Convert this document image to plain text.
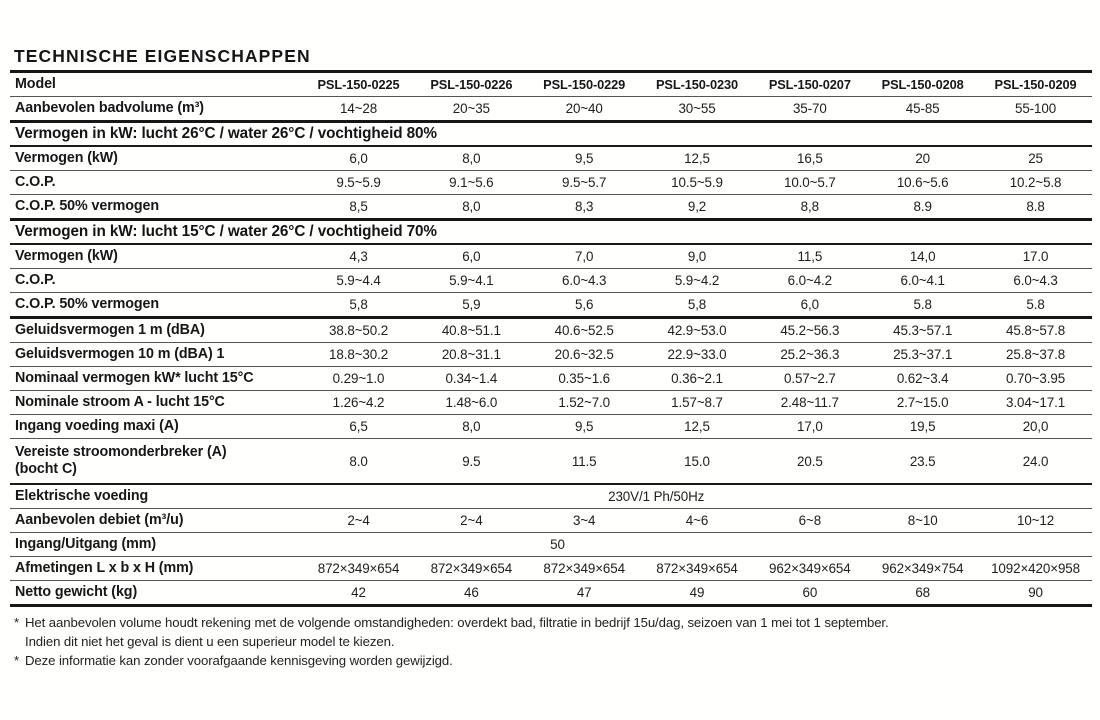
TECHNISCHE EIGENSCHAPPEN
Model	PSL-150-0225	PSL-150-0226	PSL-150-0229	PSL-150-0230	PSL-150-0207	PSL-150-0208	PSL-150-0209
Aanbevolen badvolume (m³)	14~28	20~35	20~40	30~55	35-70	45-85	55-100
Vermogen in kW: lucht 26°C / water 26°C / vochtigheid 80%							
Vermogen (kW)	6,0	8,0	9,5	12,5	16,5	20	25
C.O.P.	9.5~5.9	9.1~5.6	9.5~5.7	10.5~5.9	10.0~5.7	10.6~5.6	10.2~5.8
C.O.P. 50% vermogen	8,5	8,0	8,3	9,2	8,8	8.9	8.8
Vermogen in kW: lucht 15°C / water 26°C / vochtigheid 70%							
Vermogen (kW)	4,3	6,0	7,0	9,0	11,5	14,0	17.0
C.O.P.	5.9~4.4	5.9~4.1	6.0~4.3	5.9~4.2	6.0~4.2	6.0~4.1	6.0~4.3
C.O.P. 50% vermogen	5,8	5,9	5,6	5,8	6,0	5.8	5.8
Geluidsvermogen 1 m (dBA)	38.8~50.2	40.8~51.1	40.6~52.5	42.9~53.0	45.2~56.3	45.3~57.1	45.8~57.8
Geluidsvermogen 10 m (dBA) 1	18.8~30.2	20.8~31.1	20.6~32.5	22.9~33.0	25.2~36.3	25.3~37.1	25.8~37.8
Nominaal vermogen kW* lucht 15°C	0.29~1.0	0.34~1.4	0.35~1.6	0.36~2.1	0.57~2.7	0.62~3.4	0.70~3.95
Nominale stroom A - lucht 15°C	1.26~4.2	1.48~6.0	1.52~7.0	1.57~8.7	2.48~11.7	2.7~15.0	3.04~17.1
Ingang voeding maxi (A)	6,5	8,0	9,5	12,5	17,0	19,5	20,0
Vereiste stroomonderbreker (A)
(bocht C)	8.0	9.5	11.5	15.0	20.5	23.5	24.0
Elektrische voeding	230V/1 Ph/50Hz						
Aanbevolen debiet (m³/u)	2~4	2~4	3~4	4~6	6~8	8~10	10~12
Ingang/Uitgang (mm)	50						
Afmetingen L x b x H (mm)	872×349×654	872×349×654	872×349×654	872×349×654	962×349×654	962×349×754	1092×420×958
Netto gewicht (kg)	42	46	47	49	60	68	90
* Het aanbevolen volume houdt rekening met de volgende omstandigheden: overdekt bad, filtratie in bedrijf 15u/dag, seizoen van 1 mei tot 1 september.
Indien dit niet het geval is dient u een superieur model te kiezen.
* Deze informatie kan zonder voorafgaande kennisgeving worden gewijzigd.
